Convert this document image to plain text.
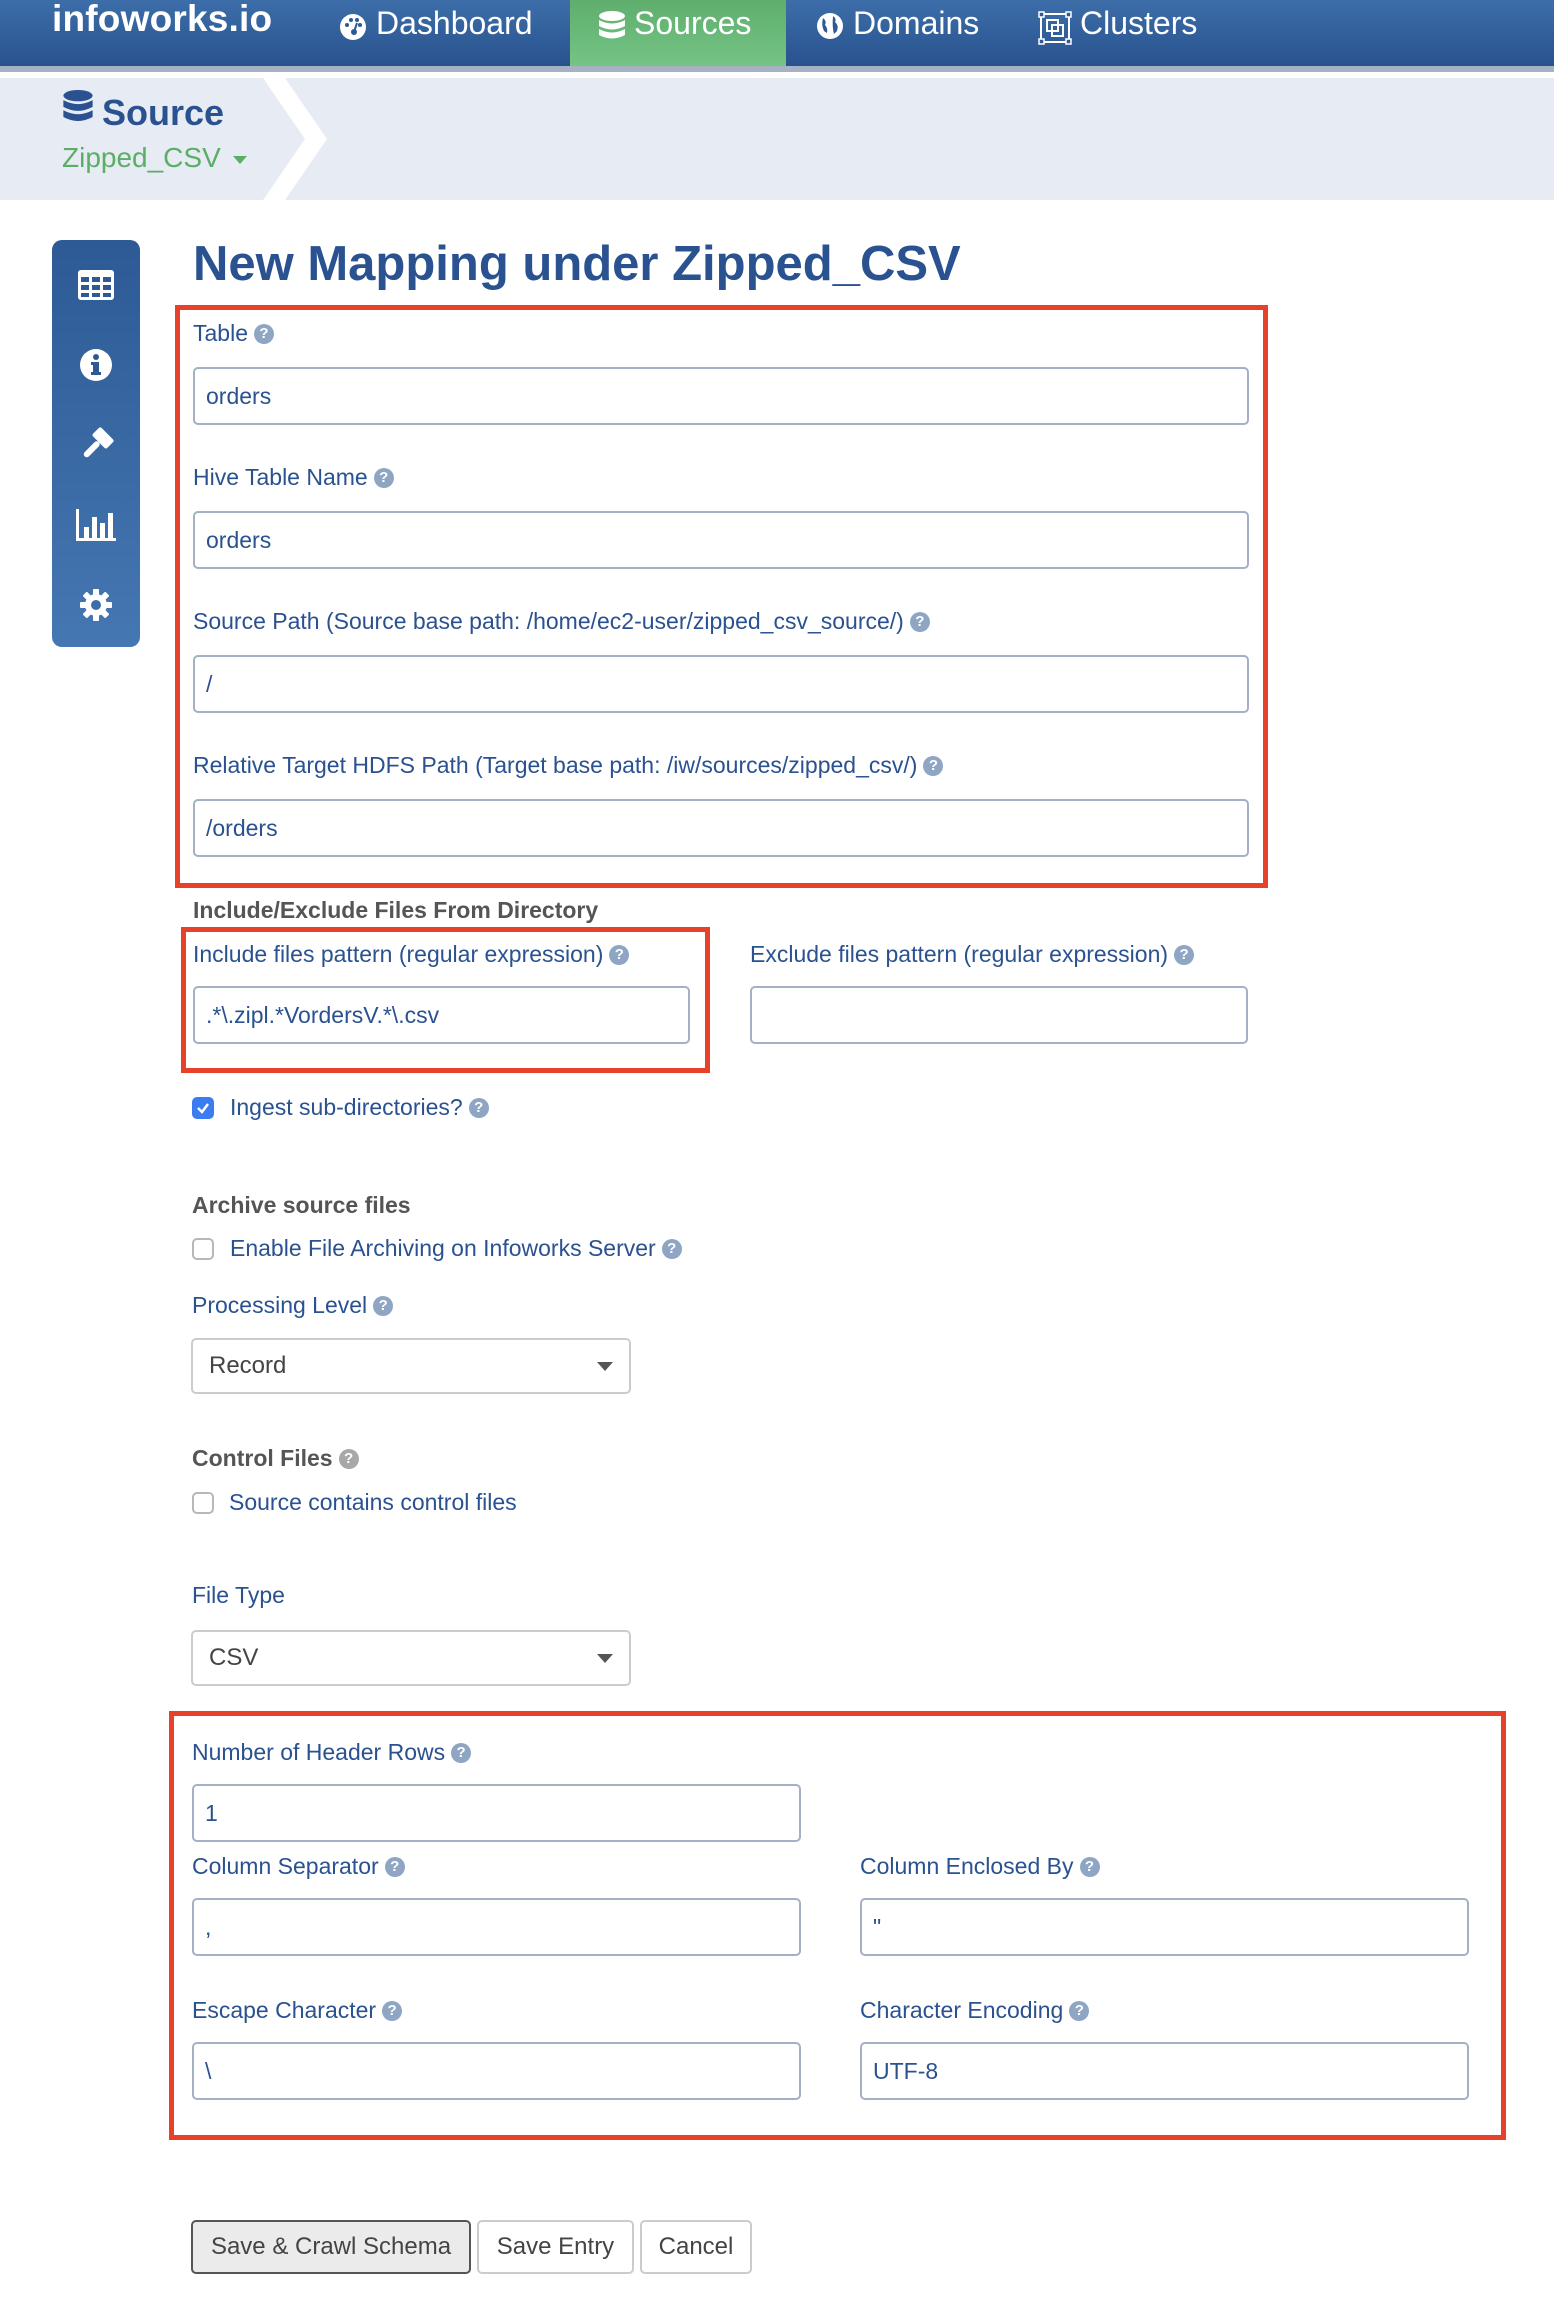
infoworks.io	Dashboard	Sources	Domains	Clusters
Source
Zipped_CSV
New Mapping under Zipped_CSV
Table ?
orders
Hive Table Name ?
orders
Source Path (Source base path: /home/ec2-user/zipped_csv_source/) ?
/
Relative Target HDFS Path (Target base path: /iw/sources/zipped_csv/) ?
/orders
Include/Exclude Files From Directory
Include files pattern (regular expression) ?
.*\.zipl.*VordersV.*\.csv
Exclude files pattern (regular expression) ?
Ingest sub-directories? ?
Archive source files
Enable File Archiving on Infoworks Server ?
Processing Level ?
Record
Control Files ?
Source contains control files
File Type
CSV
Number of Header Rows ?
1
Column Separator ?
,
Column Enclosed By ?
"
Escape Character ?
\
Character Encoding ?
UTF-8
Save & Crawl Schema	Save Entry	Cancel
